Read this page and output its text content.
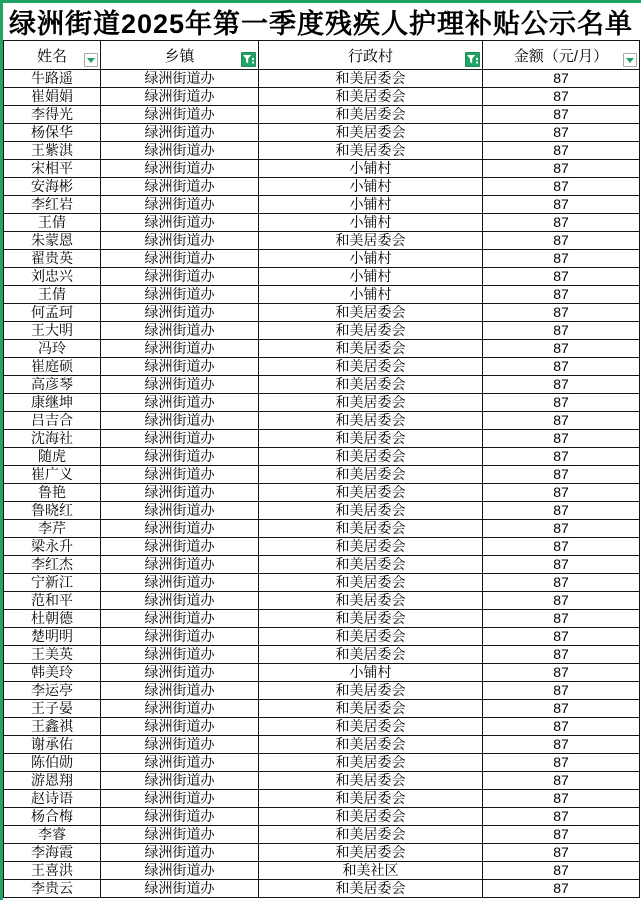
绿洲街道2025年第一季度残疾人护理补贴公示名单
姓名	乡镇	行政村	金额（元/月）

牛路遥	绿洲街道办	和美居委会	87
崔娟娟	绿洲街道办	和美居委会	87
李得光	绿洲街道办	和美居委会	87
杨保华	绿洲街道办	和美居委会	87
王紫淇	绿洲街道办	和美居委会	87
宋相平	绿洲街道办	小铺村	87
安海彬	绿洲街道办	小铺村	87
李红岩	绿洲街道办	小铺村	87
王倩	绿洲街道办	小铺村	87
朱蒙恩	绿洲街道办	和美居委会	87
翟贵英	绿洲街道办	小铺村	87
刘忠兴	绿洲街道办	小铺村	87
王倩	绿洲街道办	小铺村	87
何孟珂	绿洲街道办	和美居委会	87
王大明	绿洲街道办	和美居委会	87
冯玲	绿洲街道办	和美居委会	87
崔庭硕	绿洲街道办	和美居委会	87
高彦琴	绿洲街道办	和美居委会	87
康继坤	绿洲街道办	和美居委会	87
吕吉合	绿洲街道办	和美居委会	87
沈海社	绿洲街道办	和美居委会	87
随虎	绿洲街道办	和美居委会	87
崔广义	绿洲街道办	和美居委会	87
鲁艳	绿洲街道办	和美居委会	87
鲁晓红	绿洲街道办	和美居委会	87
李芹	绿洲街道办	和美居委会	87
梁永升	绿洲街道办	和美居委会	87
李红杰	绿洲街道办	和美居委会	87
宁新江	绿洲街道办	和美居委会	87
范和平	绿洲街道办	和美居委会	87
杜朝德	绿洲街道办	和美居委会	87
楚明明	绿洲街道办	和美居委会	87
王美英	绿洲街道办	和美居委会	87
韩美玲	绿洲街道办	小铺村	87
李运亭	绿洲街道办	和美居委会	87
王子晏	绿洲街道办	和美居委会	87
王鑫祺	绿洲街道办	和美居委会	87
谢承佑	绿洲街道办	和美居委会	87
陈伯勋	绿洲街道办	和美居委会	87
游恩翔	绿洲街道办	和美居委会	87
赵诗语	绿洲街道办	和美居委会	87
杨合梅	绿洲街道办	和美居委会	87
李睿	绿洲街道办	和美居委会	87
李海霞	绿洲街道办	和美居委会	87
王喜洪	绿洲街道办	和美社区	87
李贵云	绿洲街道办	和美居委会	87
